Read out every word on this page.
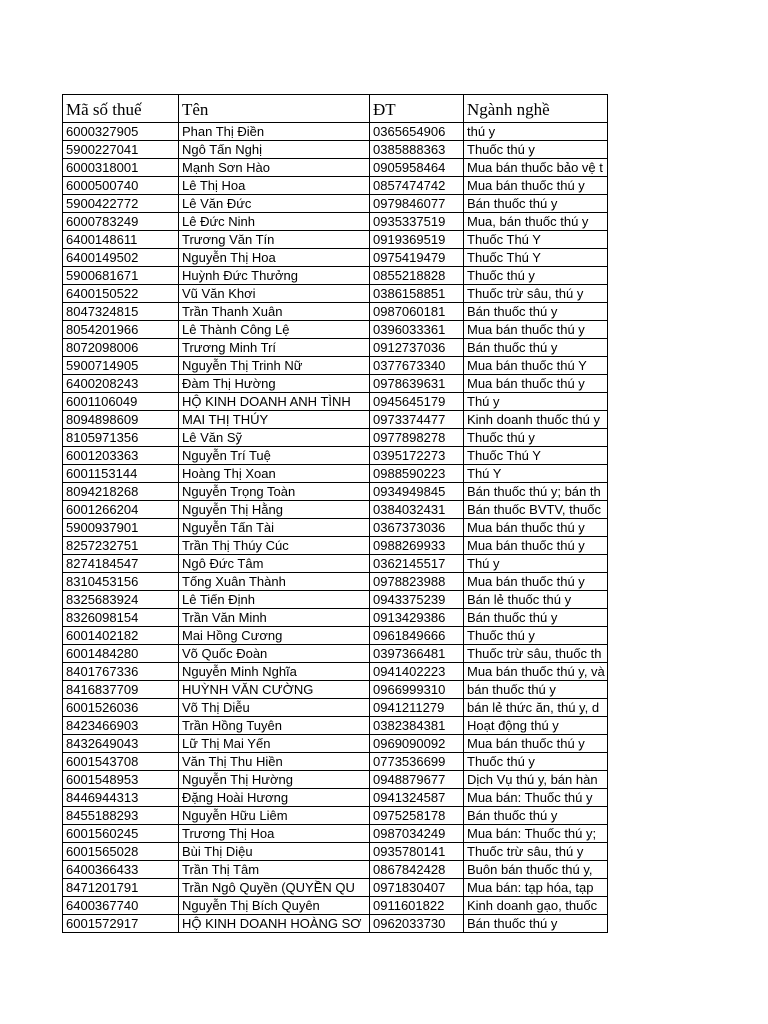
Mã số thuế	Tên	ĐT	Ngành nghề
6000327905	Phan Thị Điền	0365654906	thú y
5900227041	Ngô Tấn Nghị	0385888363	Thuốc thú y
6000318001	Mạnh Sơn Hào	0905958464	Mua bán thuốc bảo vệ t
6000500740	Lê Thị Hoa	0857474742	Mua bán thuốc thú y
5900422772	Lê Văn Đức	0979846077	Bán thuốc thú y
6000783249	Lê Đức Ninh	0935337519	Mua, bán thuốc thú y
6400148611	Trương Văn Tín	0919369519	Thuốc Thú Y
6400149502	Nguyễn Thị Hoa	0975419479	Thuốc Thú Y
5900681671	Huỳnh Đức Thưởng	0855218828	Thuốc thú y
6400150522	Vũ Văn Khơi	0386158851	Thuốc trừ sâu, thú y
8047324815	Trần Thanh Xuân	0987060181	Bán thuốc thú y
8054201966	Lê Thành Công Lệ	0396033361	Mua bán thuốc thú y
8072098006	Trương Minh Trí	0912737036	Bán thuốc thú y
5900714905	Nguyễn Thị Trinh Nữ	0377673340	Mua bán thuốc thú Y
6400208243	Đàm Thị Hường	0978639631	Mua bán thuốc thú y
6001106049	HỘ KINH DOANH ANH TÌNH	0945645179	Thú y
8094898609	MAI THỊ THÚY	0973374477	Kinh doanh thuốc thú y
8105971356	Lê Văn Sỹ	0977898278	Thuốc thú y
6001203363	Nguyễn Trí Tuệ	0395172273	Thuốc Thú Y
6001153144	Hoàng Thị Xoan	0988590223	Thú Y
8094218268	Nguyễn Trọng Toàn	0934949845	Bán thuốc thú y; bán th
6001266204	Nguyễn Thị Hằng	0384032431	Bán thuốc BVTV, thuốc
5900937901	Nguyễn Tấn Tài	0367373036	Mua bán thuốc thú y
8257232751	Trần Thị Thúy Cúc	0988269933	Mua bán thuốc thú y
8274184547	Ngô Đức Tâm	0362145517	Thú y
8310453156	Tống Xuân Thành	0978823988	Mua bán thuốc thú y
8325683924	Lê Tiến Định	0943375239	Bán lẻ thuốc thú y
8326098154	Trần Văn Minh	0913429386	Bán thuốc thú y
6001402182	Mai Hồng Cương	0961849666	Thuốc thú y
6001484280	Võ Quốc Đoàn	0397366481	Thuốc trừ sâu, thuốc th
8401767336	Nguyễn Minh Nghĩa	0941402223	Mua bán thuốc thú y, và
8416837709	HUỲNH VĂN CƯỜNG	0966999310	bán thuốc thú y
6001526036	Võ Thị Diễu	0941211279	bán lẻ thức ăn, thú y, d
8423466903	Trần Hồng Tuyên	0382384381	Hoạt động thú y
8432649043	Lữ Thị Mai Yến	0969090092	Mua bán thuốc thú y
6001543708	Văn Thị Thu Hiền	0773536699	Thuốc thú y
6001548953	Nguyễn Thị Hường	0948879677	Dịch Vụ thú y, bán hàn
8446944313	Đặng Hoài Hương	0941324587	Mua bán: Thuốc thú y
8455188293	Nguyễn Hữu Liêm	0975258178	Bán thuốc thú y
6001560245	Trương Thị Hoa	0987034249	Mua bán: Thuốc thú y;
6001565028	Bùi Thị Diệu	0935780141	Thuốc trừ sâu, thú y
6400366433	Trần Thị Tâm	0867842428	Buôn bán thuốc thú y,
8471201791	Trần Ngô Quyền (QUYỀN QU	0971830407	Mua bán: tạp hóa, tạp
6400367740	Nguyễn Thị Bích Quyên	0911601822	Kinh doanh gạo, thuốc
6001572917	HỘ KINH DOANH HOÀNG SƠ	0962033730	Bán thuốc thú y
